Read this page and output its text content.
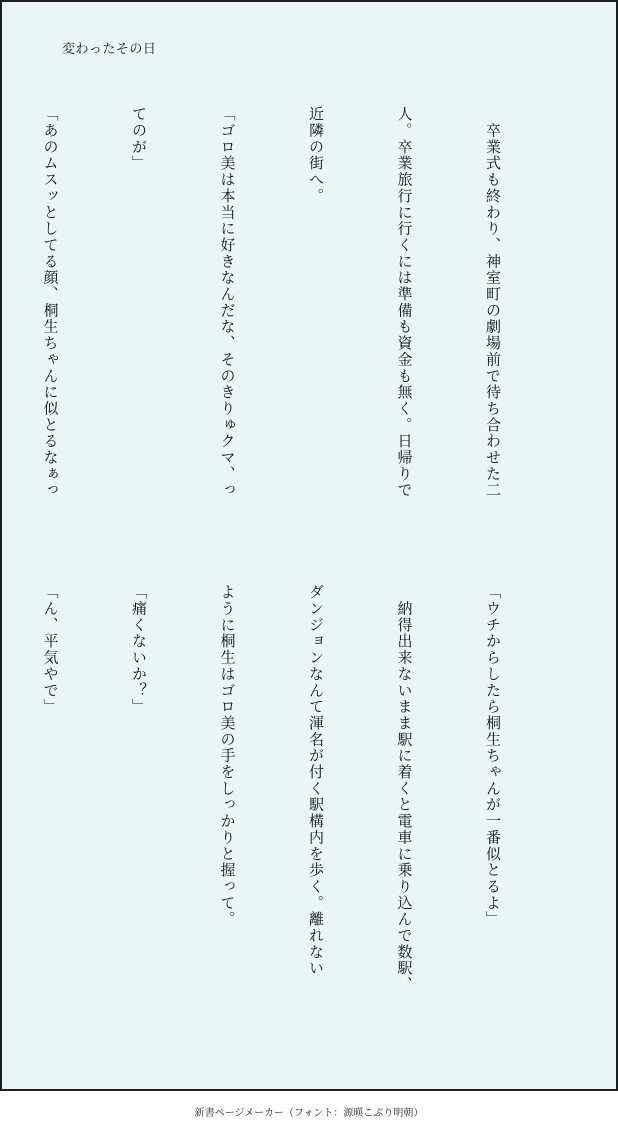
変わったその日

　卒業式も終わり、神室町の劇場前で待ち合わせた二

人。卒業旅行に行くには準備も資金も無く。日帰りで

近隣の街へ。

「ゴロ美は本当に好きなんだな、そのきりゅクマ、っ

てのが」

「あのムスッとしてる顔、桐生ちゃんに似とるなぁっ

「ウチからしたら桐生ちゃんが一番似とるよ」

　納得出来ないまま駅に着くと電車に乗り込んで数駅、

ダンジョンなんて渾名が付く駅構内を歩く。離れない

ように桐生はゴロ美の手をしっかりと握って。

「痛くないか？」

「ん、平気やで」

新書ページメーカー（フォント：源暎こぶり明朝）
